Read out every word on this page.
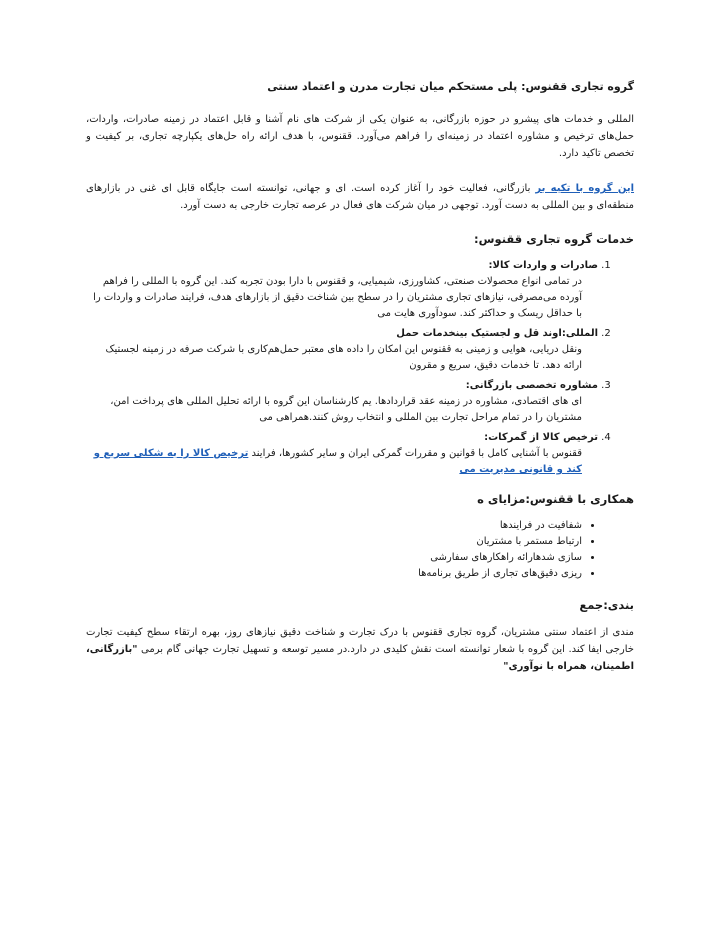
گروه تجاری ققنوس: پلی مستحکم میان تجارت مدرن و اعتماد سنتی

المللی و خدمات های پیشرو در حوزه بازرگانی، به عنوان یکی از شرکت های نام آشنا و قابل اعتماد در زمینه صادرات، واردات، حمل‌های ترخیص و مشاوره اعتماد در زمینه‌ای را فراهم می‌آورد. ققنوس، با هدف ارائه راه حل‌های یکپارچه تجاری، بر کیفیت و تخصص تاکید دارد.

این گروه با تکیه بر بازرگانی، فعالیت خود را آغاز کرده است. ای و جهانی، توانسته است جایگاه قابل ای غنی در بازارهای منطقه‌ای و بین المللی به دست آورد. توجهی در میان شرکت های فعال در عرصه تجارت خارجی به دست آورد.

خدمات گروه تجاری ققنوس:
1. صادرات و واردات کالا:
در تمامی انواع محصولات صنعتی، کشاورزی، شیمیایی، و ققنوس با دارا بودن تجربه کند. این گروه با المللی را فراهم آورده می‌مصرفی، نیازهای تجاری مشتریان را در سطح بین شناخت دقیق از بازارهای هدف، فرایند صادرات و واردات را با حداقل ریسک و حداکثر کند. سودآوری هایت می
2. المللی:اوند قل و لجستیک بینخدمات حمل
ونقل دریایی، هوایی و زمینی به ققنوس این امکان را داده های معتبر حمل‌هم‌کاری با شرکت صرفه در زمینه لجستیک ارائه دهد. تا خدمات دقیق، سریع و مقرون
3. مشاوره تخصصی بازرگانی:
ای های اقتصادی، مشاوره در زمینه عقد قراردادها. یم کارشناسان این گروه با ارائه تحلیل المللی های پرداخت امن، مشتریان را در تمام مراحل تجارت بین المللی و انتخاب روش کنند.همراهی می
4. ترخیص کالا از گمرکات:
ققنوس با آشنایی کامل با قوانین و مقررات گمرکی ایران و سایر کشورها، فرایند ترخیص کالا را به شکلی سریع و کند و قانونی مدیریت می
همکاری با ققنوس:مزایای ه
• شفافیت در فرایندها
• ارتباط مستمر با مشتریان
• سازی شدهارائه راهکارهای سفارشی
• ریزی دقیق‌های تجاری از طریق برنامه‌ها
بندی:جمع

مندی از اعتماد سنتی مشتریان، گروه تجاری ققنوس با درک تجارت و شناخت دقیق نیازهای روز، بهره ارتقاء سطح کیفیت تجارت خارجی ایفا کند. این گروه با شعار توانسته است نقش کلیدی در دارد.در مسیر توسعه و تسهیل تجارت جهانی گام برمی "بازرگانی، اطمینان، همراه با نوآوری"
